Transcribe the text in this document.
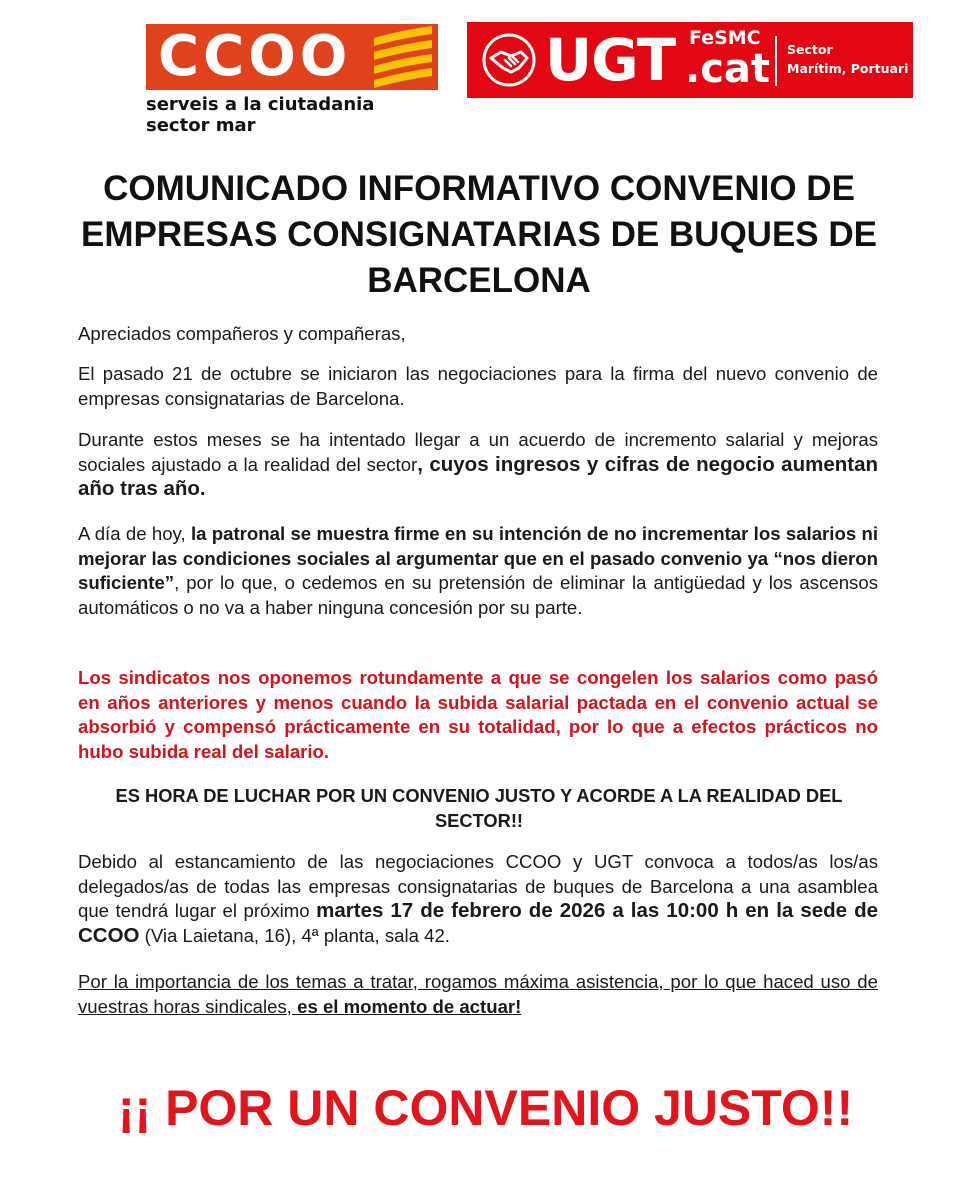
CCOO
serveis a la ciutadania
sector mar
UGT FeSMC
.cat Sector
Marítim, Portuari
COMUNICADO INFORMATIVO CONVENIO DE EMPRESAS CONSIGNATARIAS DE BUQUES DE BARCELONA

Apreciados compañeros y compañeras,

El pasado 21 de octubre se iniciaron las negociaciones para la firma del nuevo convenio de empresas consignatarias de Barcelona.

Durante estos meses se ha intentado llegar a un acuerdo de incremento salarial y mejoras sociales ajustado a la realidad del sector, cuyos ingresos y cifras de negocio aumentan año tras año.

A día de hoy, la patronal se muestra firme en su intención de no incrementar los salarios ni mejorar las condiciones sociales al argumentar que en el pasado convenio ya “nos dieron suficiente”, por lo que, o cedemos en su pretensión de eliminar la antigüedad y los ascensos automáticos o no va a haber ninguna concesión por su parte.

Los sindicatos nos oponemos rotundamente a que se congelen los salarios como pasó en años anteriores y menos cuando la subida salarial pactada en el convenio actual se absorbió y compensó prácticamente en su totalidad, por lo que a efectos prácticos no hubo subida real del salario.

ES HORA DE LUCHAR POR UN CONVENIO JUSTO Y ACORDE A LA REALIDAD DEL SECTOR!!

Debido al estancamiento de las negociaciones CCOO y UGT convoca a todos/as los/as delegados/as de todas las empresas consignatarias de buques de Barcelona a una asamblea que tendrá lugar el próximo martes 17 de febrero de 2026 a las 10:00 h en la sede de CCOO (Via Laietana, 16), 4ª planta, sala 42.

Por la importancia de los temas a tratar, rogamos máxima asistencia, por lo que haced uso de vuestras horas sindicales, es el momento de actuar!

¡¡ POR UN CONVENIO JUSTO!!
